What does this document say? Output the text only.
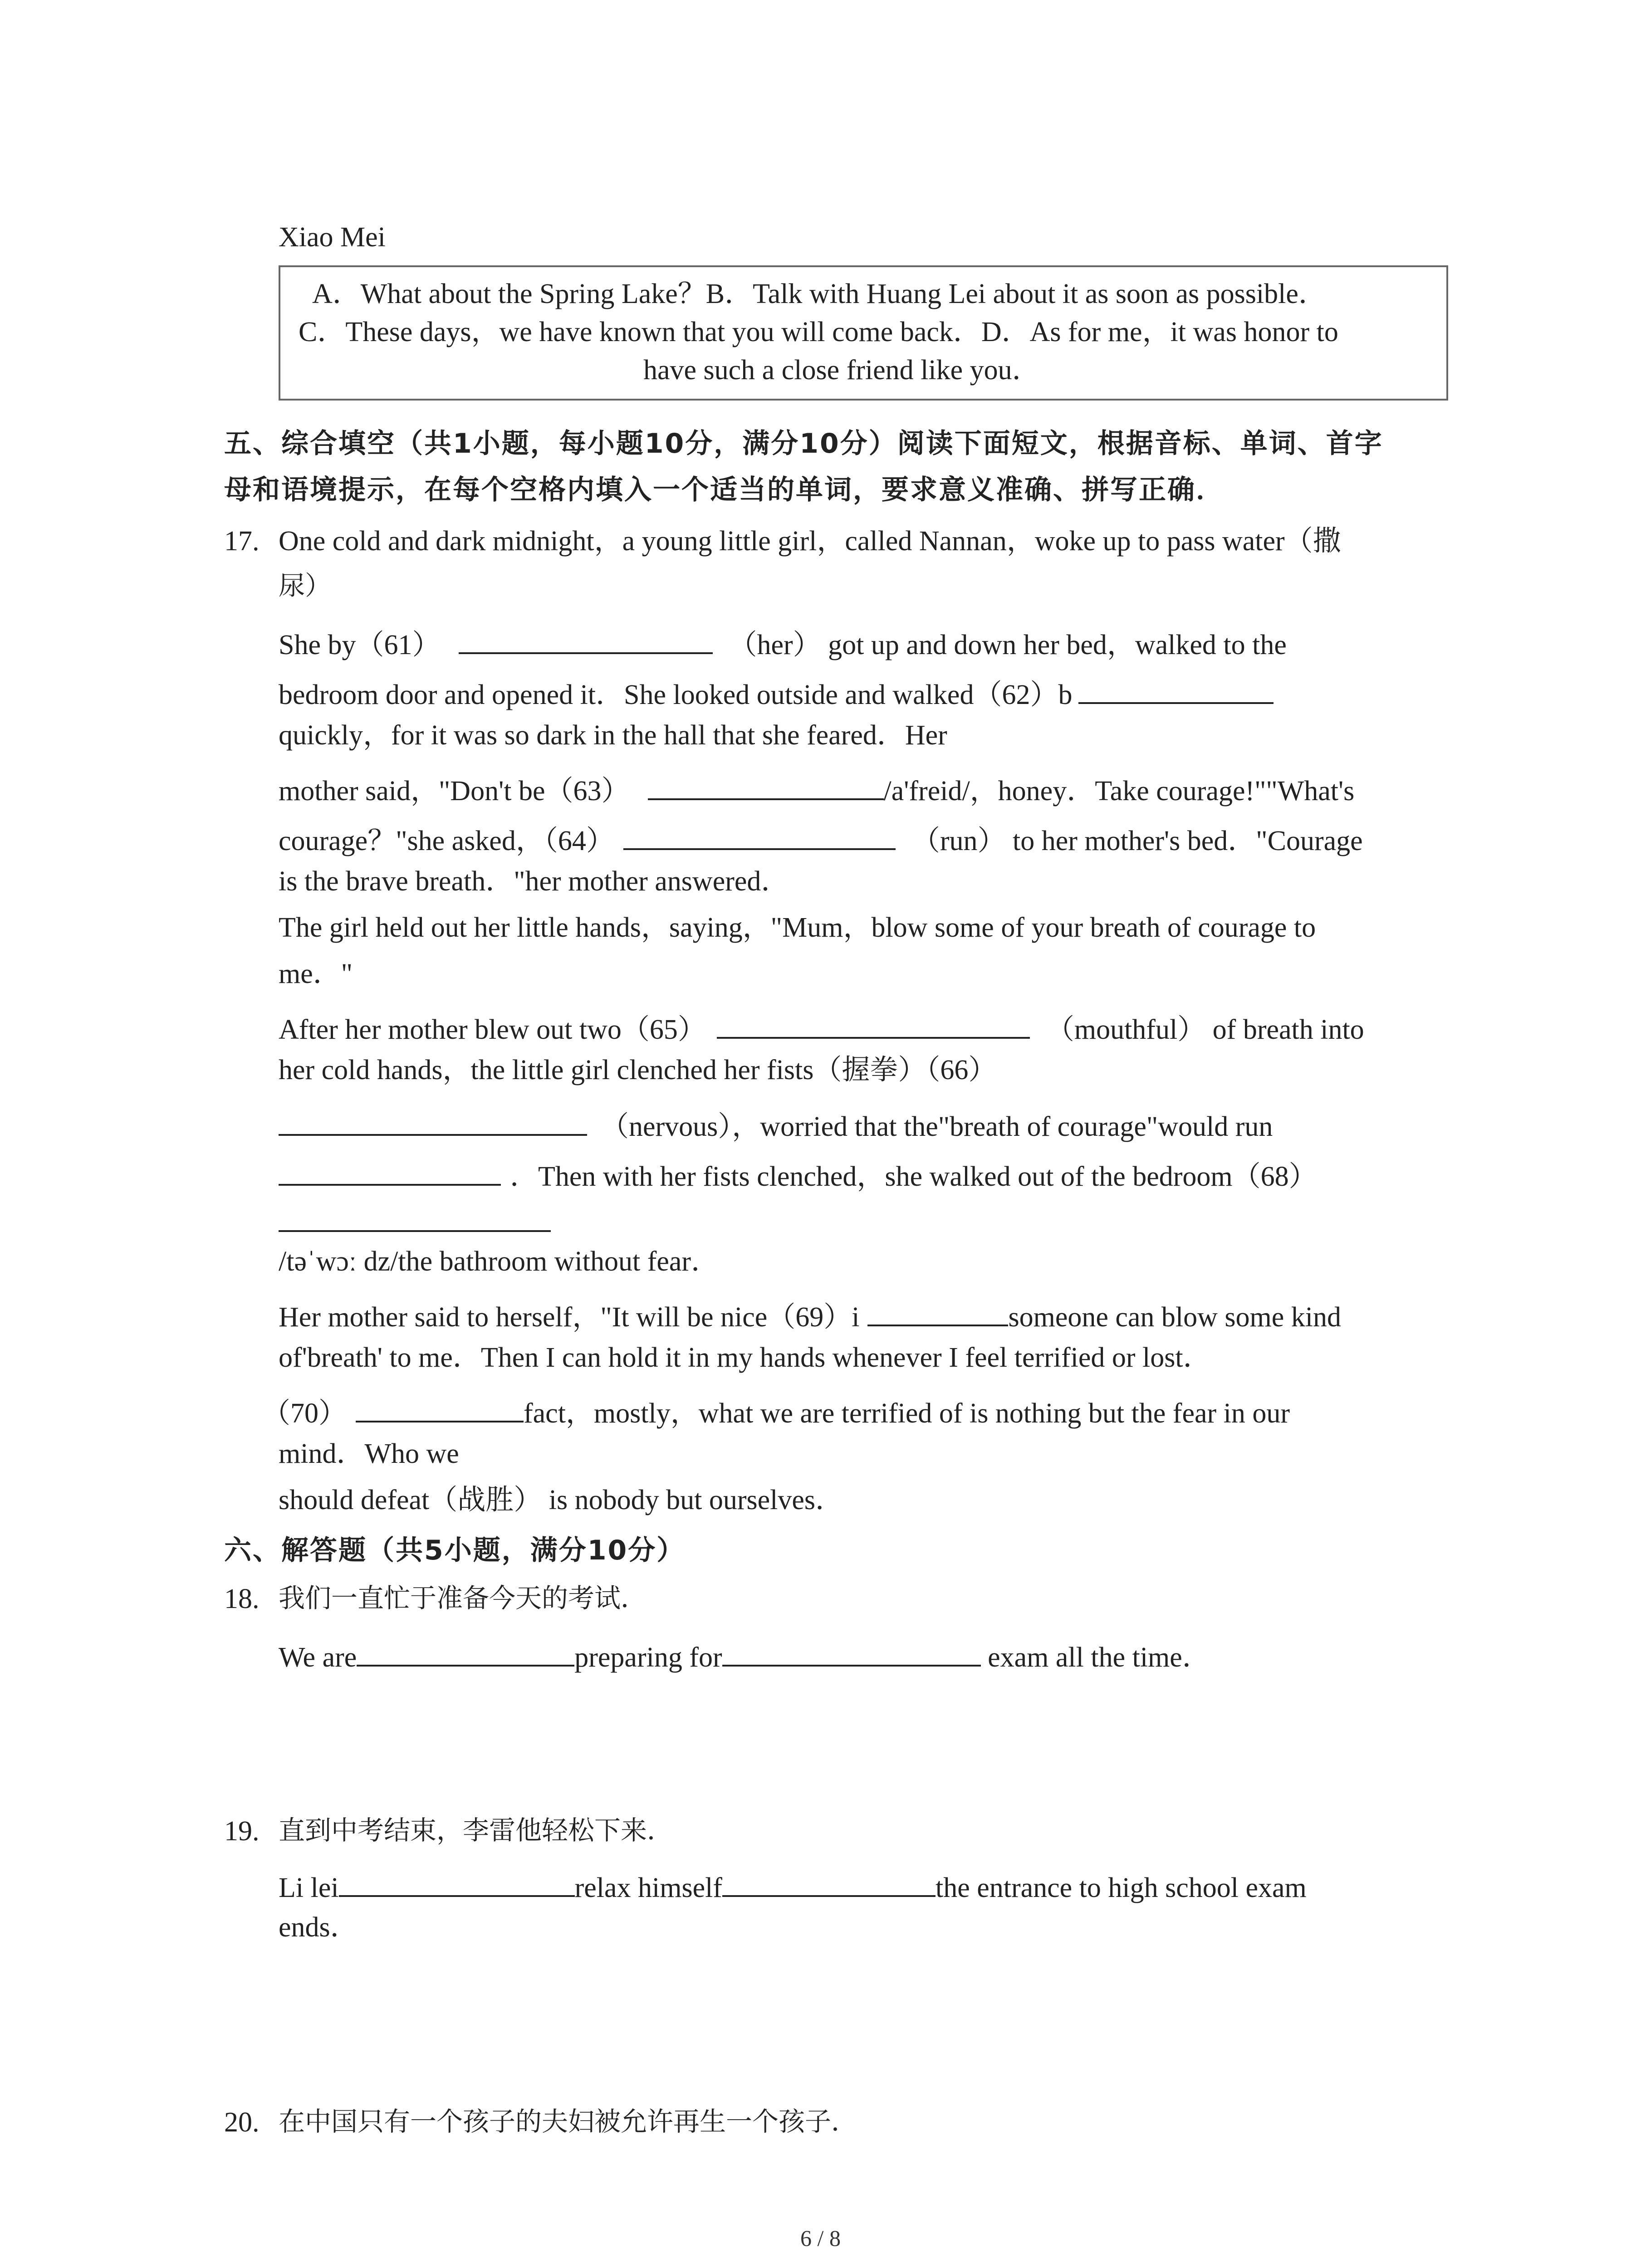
Xiao Mei
A．What about the Spring Lake？B．Talk with Huang Lei about it as soon as possible．
C．These days，we have known that you will come back．D．As for me，it was honor to
have such a close friend like you．
五、综合填空（共1小题，每小题10分，满分10分）阅读下面短文，根据音标、单词、首字
母和语境提示，在每个空格内填入一个适当的单词，要求意义准确、拼写正确．
17. One cold and dark midnight，a young little girl，called Nannan，woke up to pass water（撒
尿）
She by（61）	（her） got up and down her bed，walked to the
bedroom door and opened it．She looked outside and walked（62）b
quickly，for it was so dark in the hall that she feared．Her
mother said，"Don't be（63）	/a'freid/，honey．Take courage!""What's
courage？"she asked，（64）	（run） to her mother's bed．"Courage
is the brave breath．"her mother answered．
The girl held out her little hands，saying，"Mum，blow some of your breath of courage to
me．"
After her mother blew out two（65）	（mouthful） of breath into
her cold hands，the little girl clenched her fists（握拳）（66）
（nervous），worried that the"breath of courage"would run
．Then with her fists clenched，she walked out of the bedroom（68）
/təˈwɔː dz/the bathroom without fear．
Her mother said to herself，"It will be nice（69）i	someone can blow some kind
of'breath' to me．Then I can hold it in my hands whenever I feel terrified or lost．
（70）	fact，mostly，what we are terrified of is nothing but the fear in our
mind．Who we
should defeat（战胜） is nobody but ourselves．
六、解答题（共5小题，满分10分）
18. 我们一直忙于准备今天的考试．
We are	preparing for	exam all the time．
19. 直到中考结束，李雷他轻松下来．
Li lei	relax himself	the entrance to high school exam
ends．
20. 在中国只有一个孩子的夫妇被允许再生一个孩子．
6 / 8
